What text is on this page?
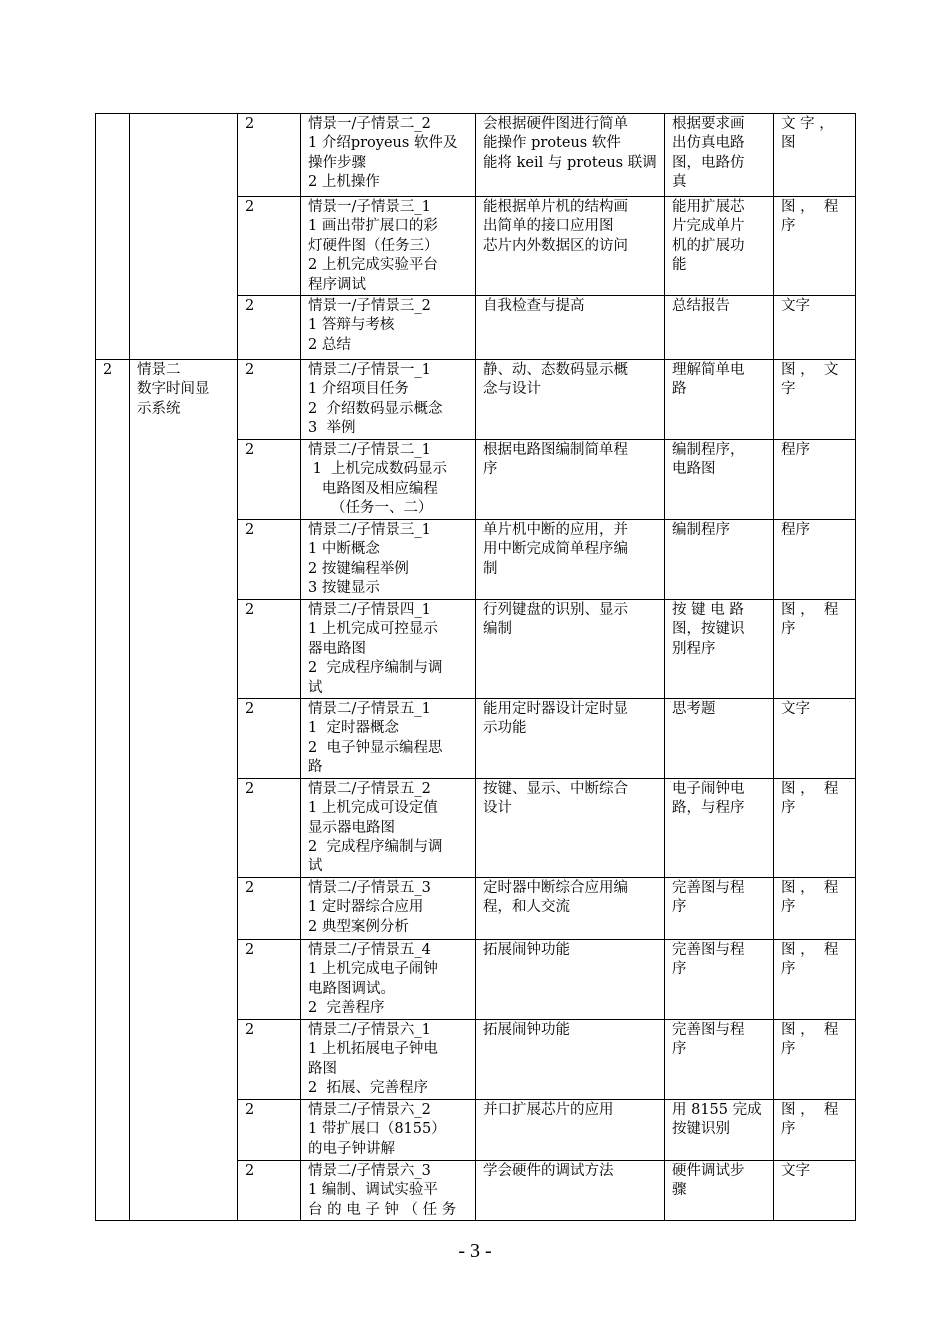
		2	情景一/子情景二_2
1 介绍proyeus 软件及
操作步骤
2 上机操作	会根据硬件图进行简单
能操作 proteus 软件
能将 keil 与 proteus 联调	根据要求画
出仿真电路
图，电路仿
真	文 字 ，
图

		2	情景一/子情景三_1
1 画出带扩展口的彩
灯硬件图（任务三）
2 上机完成实验平台
程序调试	能根据单片机的结构画
出简单的接口应用图
芯片内外数据区的访问	能用扩展芯
片完成单片
机的扩展功
能	图 ，  程
序

		2	情景一/子情景三_2
1 答辩与考核
2 总结	自我检查与提高	总结报告	文字

2	情景二
数字时间显
示系统	2	情景二/子情景一_1
1 介绍项目任务
2  介绍数码显示概念
3  举例	静、动、态数码显示概
念与设计	理解简单电
路	图 ，  文
字

		2	情景二/子情景二_1
1  上机完成数码显示
电路图及相应编程
（任务一、二）	根据电路图编制简单程
序	编制程序，
电路图	程序

		2	情景二/子情景三_1
1 中断概念
2 按键编程举例
3 按键显示	单片机中断的应用，并
用中断完成简单程序编
制	编制程序	程序

		2	情景二/子情景四_1
1 上机完成可控显示
器电路图
2  完成程序编制与调
试	行列键盘的识别、显示
编制	按 键 电 路
图，按键识
别程序	图 ，  程
序

		2	情景二/子情景五_1
1  定时器概念
2  电子钟显示编程思
路	能用定时器设计定时显
示功能	思考题	文字

		2	情景二/子情景五_2
1 上机完成可设定值
显示器电路图
2  完成程序编制与调
试	按键、显示、中断综合
设计	电子闹钟电
路，与程序	图 ，  程
序

		2	情景二/子情景五_3
1 定时器综合应用
2 典型案例分析	定时器中断综合应用编
程，和人交流	完善图与程
序	图 ，  程
序

		2	情景二/子情景五_4
1 上机完成电子闹钟
电路图调试。
2  完善程序	拓展闹钟功能	完善图与程
序	图 ，  程
序

		2	情景二/子情景六_1
1 上机拓展电子钟电
路图
2  拓展、完善程序	拓展闹钟功能	完善图与程
序	图 ，  程
序

		2	情景二/子情景六_2
1 带扩展口（8155）
的电子钟讲解	并口扩展芯片的应用	用 8155 完成
按键识别	图 ，  程
序

		2	情景二/子情景六_3
1 编制、调试实验平
台 的 电 子 钟 （ 任 务	学会硬件的调试方法	硬件调试步
骤	文字
- 3 -
